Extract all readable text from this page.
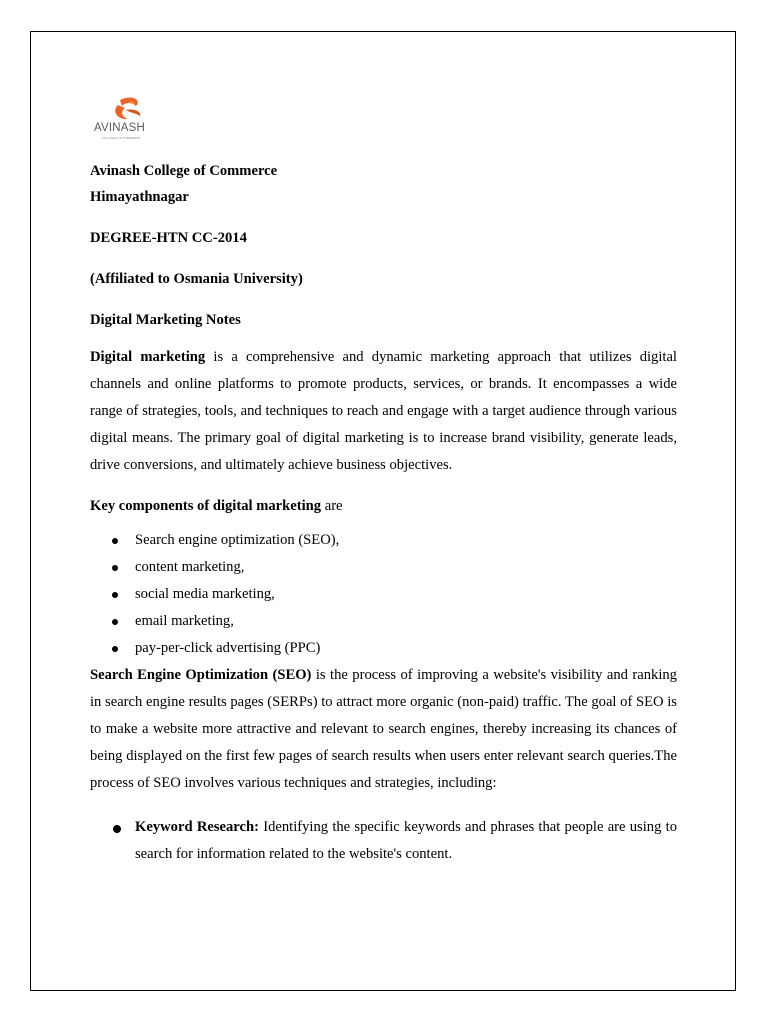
AVINASH
COLLEGE OF COMMERCE

Avinash College of Commerce

Himayathnagar

DEGREE-HTN CC-2014

(Affiliated to Osmania University)

Digital Marketing Notes

Digital marketing is a comprehensive and dynamic marketing approach that utilizes digital channels and online platforms to promote products, services, or brands. It encompasses a wide range of strategies, tools, and techniques to reach and engage with a target audience through various digital means. The primary goal of digital marketing is to increase brand visibility, generate leads, drive conversions, and ultimately achieve business objectives.

Key components of digital marketing are

Search engine optimization (SEO),
content marketing,
social media marketing,
email marketing,
pay-per-click advertising (PPC)

Search Engine Optimization (SEO) is the process of improving a website's visibility and ranking in search engine results pages (SERPs) to attract more organic (non-paid) traffic. The goal of SEO is to make a website more attractive and relevant to search engines, thereby increasing its chances of being displayed on the first few pages of search results when users enter relevant search queries.The process of SEO involves various techniques and strategies, including:

Keyword Research: Identifying the specific keywords and phrases that people are using to search for information related to the website's content.
